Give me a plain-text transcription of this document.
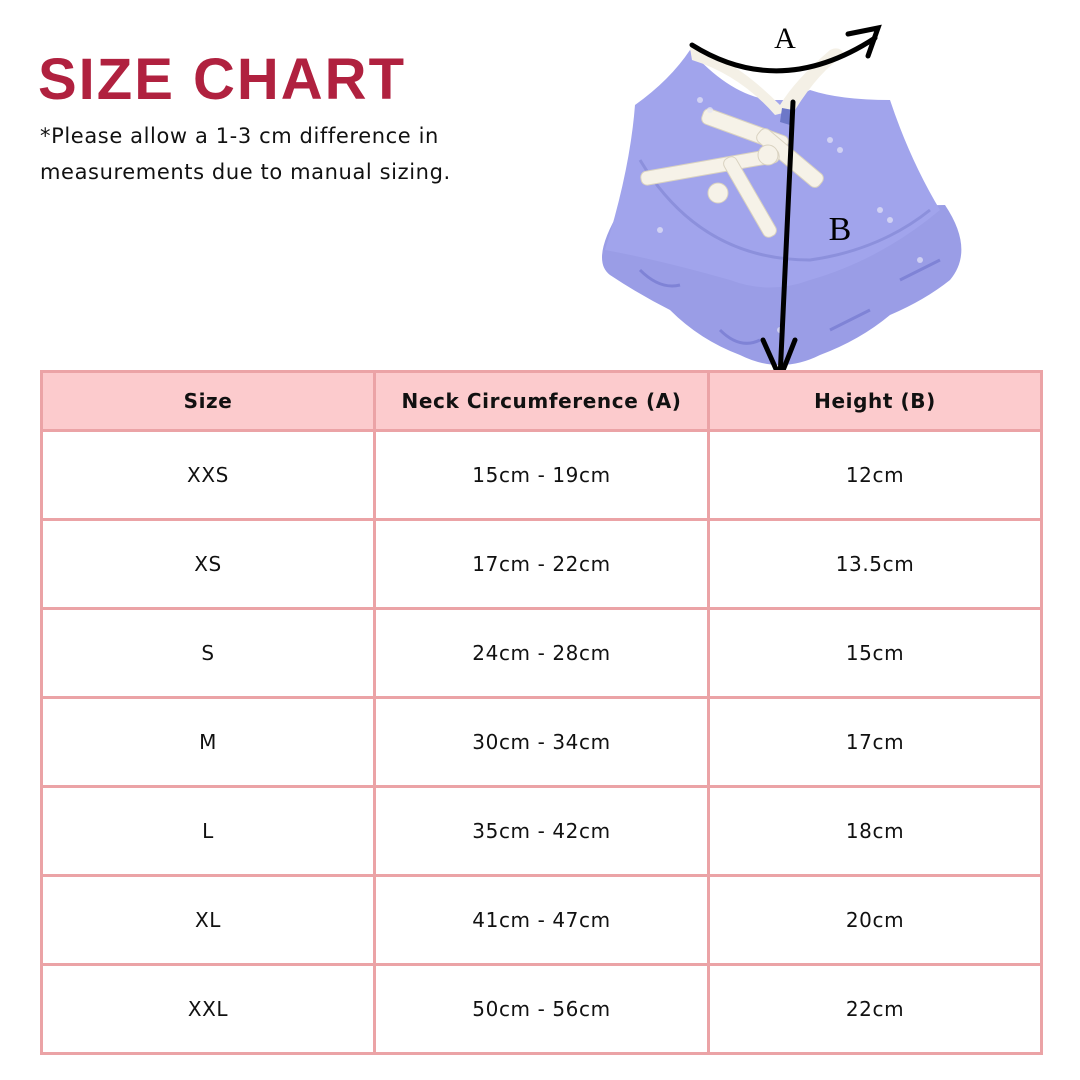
SIZE CHART
*Please allow a 1-3 cm difference in measurements due to manual sizing.
A
B
Size	Neck Circumference (A)	Height (B)
XXS	15cm - 19cm	12cm
XS	17cm - 22cm	13.5cm
S	24cm - 28cm	15cm
M	30cm - 34cm	17cm
L	35cm - 42cm	18cm
XL	41cm - 47cm	20cm
XXL	50cm - 56cm	22cm
